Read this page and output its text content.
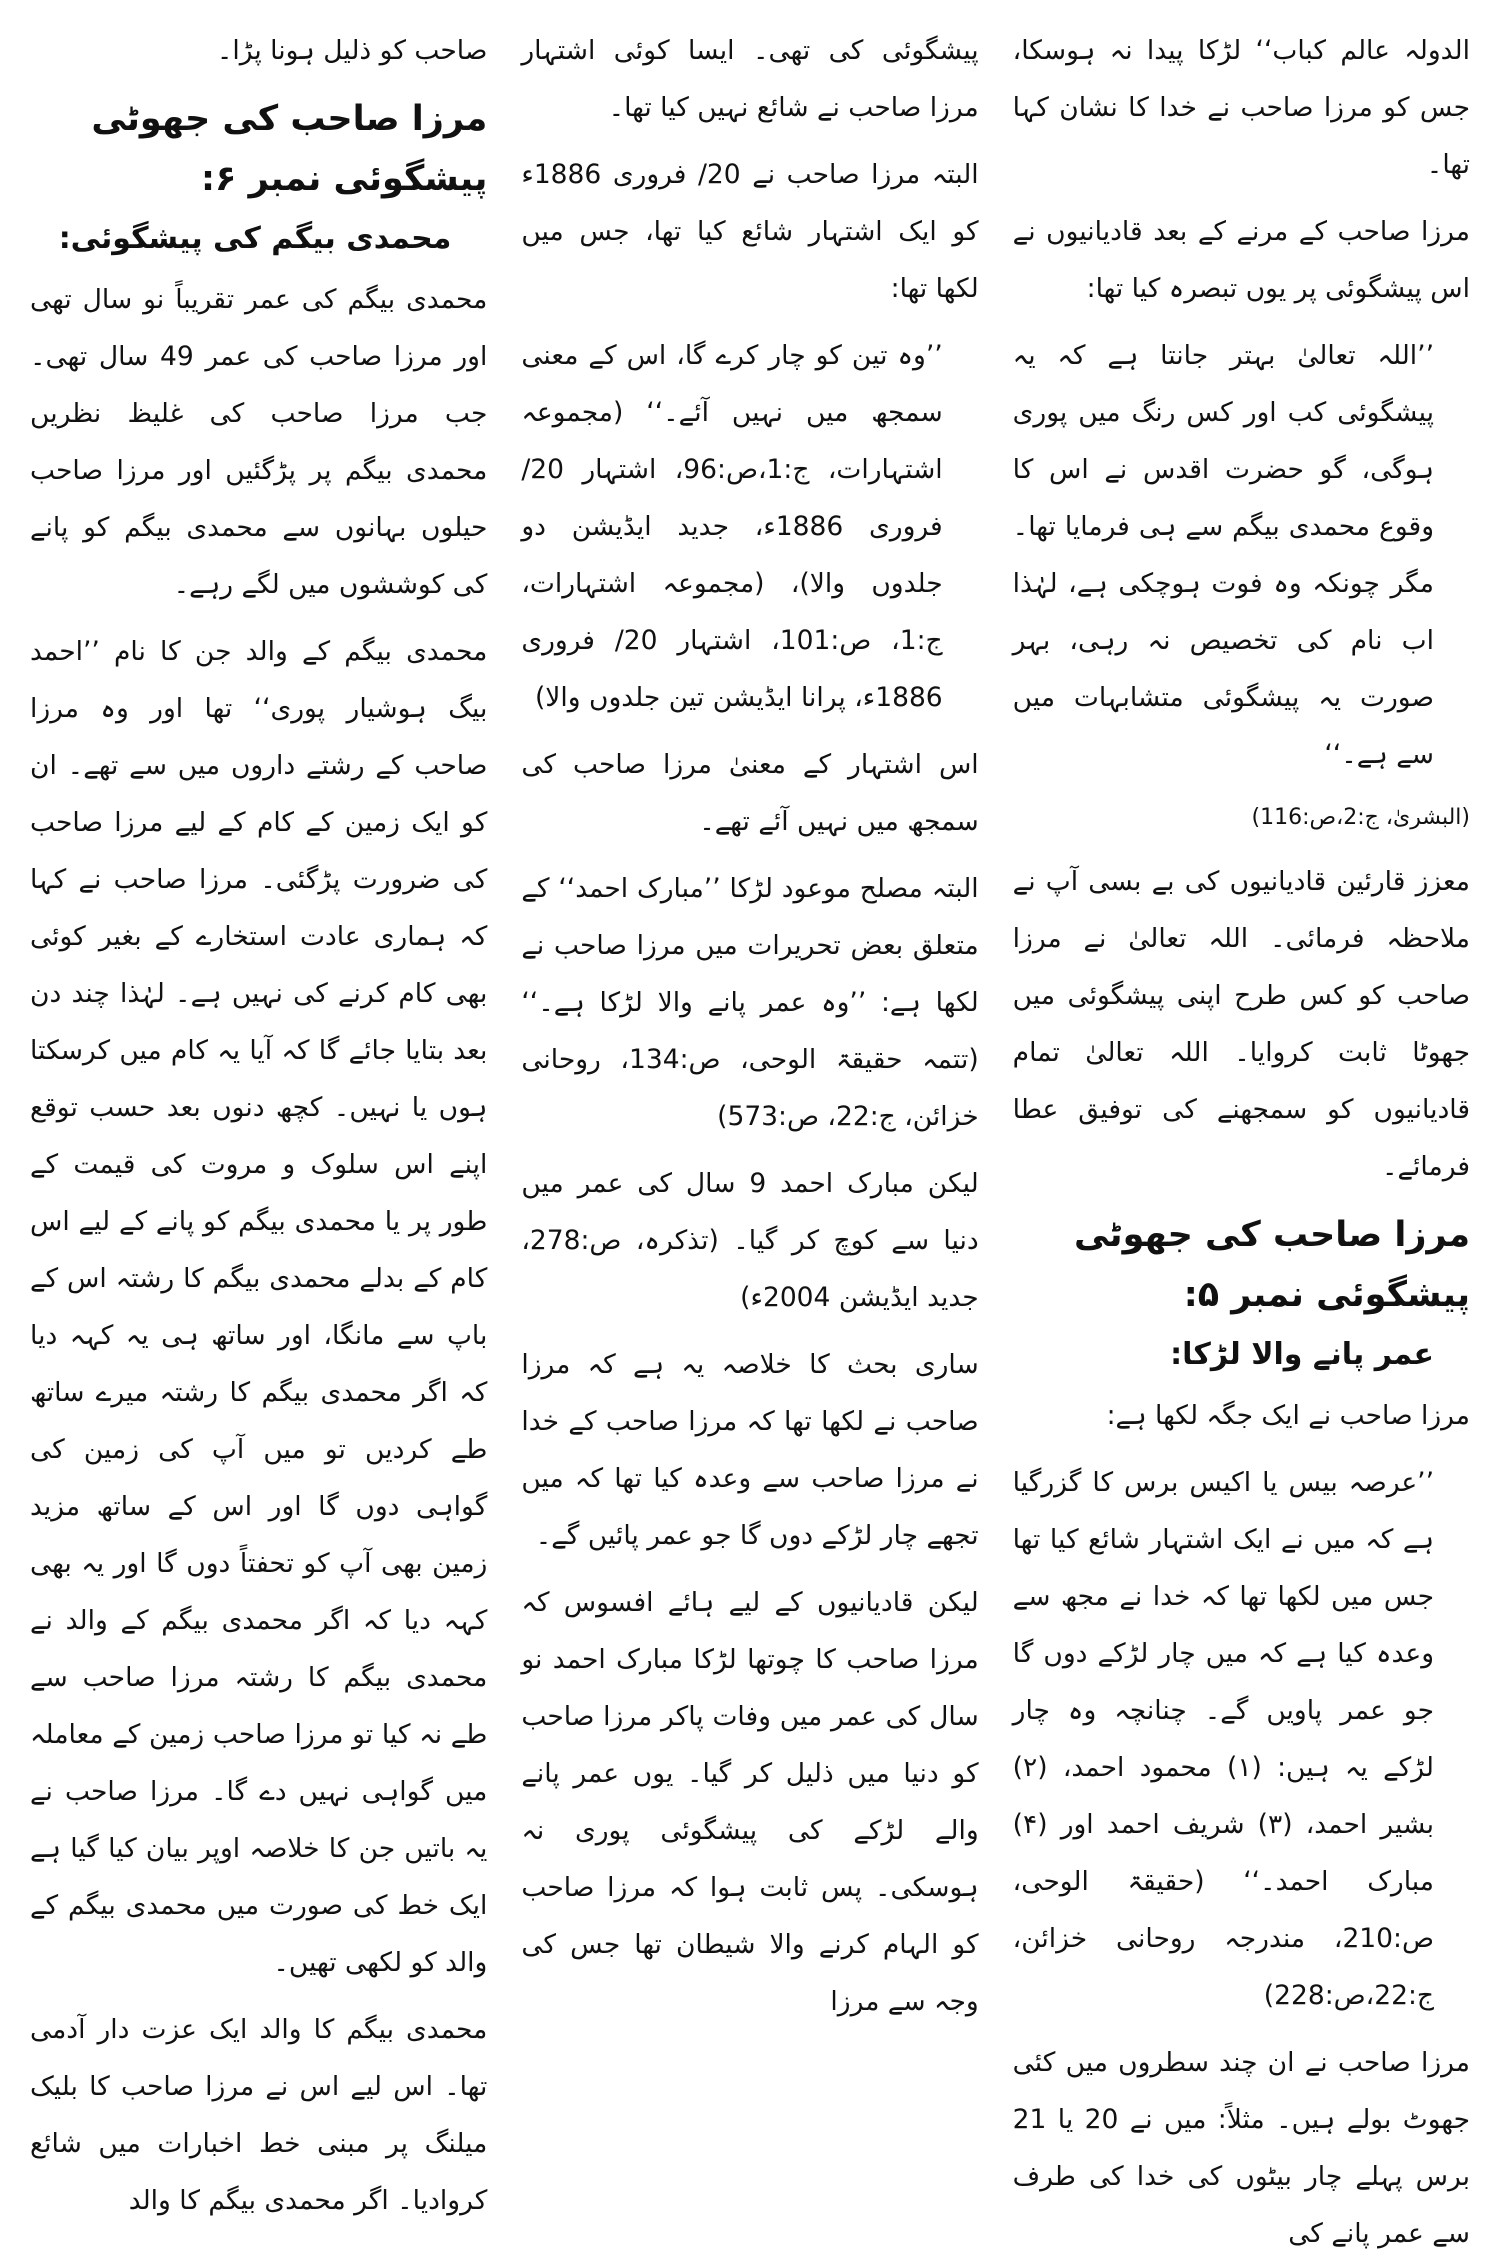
الدولہ عالم کباب‘‘ لڑکا پیدا نہ ہوسکا، جس کو مرزا صاحب نے خدا کا نشان کہا تھا۔

مرزا صاحب کے مرنے کے بعد قادیانیوں نے اس پیشگوئی پر یوں تبصرہ کیا تھا:

’’اللہ تعالیٰ بہتر جانتا ہے کہ یہ پیشگوئی کب اور کس رنگ میں پوری ہوگی، گو حضرت اقدس نے اس کا وقوع محمدی بیگم سے ہی فرمایا تھا۔ مگر چونکہ وہ فوت ہوچکی ہے، لہٰذا اب نام کی تخصیص نہ رہی، بہر صورت یہ پیشگوئی متشابہات میں سے ہے۔‘‘

(البشریٰ، ج:2،ص:116)

معزز قارئین قادیانیوں کی بے بسی آپ نے ملاحظہ فرمائی۔ اللہ تعالیٰ نے مرزا صاحب کو کس طرح اپنی پیشگوئی میں جھوٹا ثابت کروایا۔ اللہ تعالیٰ تمام قادیانیوں کو سمجھنے کی توفیق عطا فرمائے۔

مرزا صاحب کی جھوٹی پیشگوئی نمبر ۵:
عمر پانے والا لڑکا:

مرزا صاحب نے ایک جگہ لکھا ہے:

’’عرصہ بیس یا اکیس برس کا گزرگیا ہے کہ میں نے ایک اشتہار شائع کیا تھا جس میں لکھا تھا کہ خدا نے مجھ سے وعدہ کیا ہے کہ میں چار لڑکے دوں گا جو عمر پاویں گے۔ چنانچہ وہ چار لڑکے یہ ہیں: (۱) محمود احمد، (۲) بشیر احمد، (۳) شریف احمد اور (۴) مبارک احمد۔‘‘ (حقیقۃ الوحی، ص:210، مندرجہ روحانی خزائن، ج:22،ص:228)

مرزا صاحب نے ان چند سطروں میں کئی جھوٹ بولے ہیں۔ مثلاً: میں نے 20 یا 21 برس پہلے چار بیٹوں کی خدا کی طرف سے عمر پانے کی

پیشگوئی کی تھی۔ ایسا کوئی اشتہار مرزا صاحب نے شائع نہیں کیا تھا۔

البتہ مرزا صاحب نے 20/ فروری 1886ء کو ایک اشتہار شائع کیا تھا، جس میں لکھا تھا:

’’وہ تین کو چار کرے گا، اس کے معنی سمجھ میں نہیں آئے۔‘‘ (مجموعہ اشتہارات، ج:1،ص:96، اشتہار 20/ فروری 1886ء، جدید ایڈیشن دو جلدوں والا)، (مجموعہ اشتہارات، ج:1، ص:101، اشتہار 20/ فروری 1886ء، پرانا ایڈیشن تین جلدوں والا)

اس اشتہار کے معنیٰ مرزا صاحب کی سمجھ میں نہیں آئے تھے۔

البتہ مصلح موعود لڑکا ’’مبارک احمد‘‘ کے متعلق بعض تحریرات میں مرزا صاحب نے لکھا ہے: ’’وہ عمر پانے والا لڑکا ہے۔‘‘ (تتمہ حقیقۃ الوحی، ص:134، روحانی خزائن، ج:22، ص:573)

لیکن مبارک احمد 9 سال کی عمر میں دنیا سے کوچ کر گیا۔ (تذکرہ، ص:278، جدید ایڈیشن 2004ء)

ساری بحث کا خلاصہ یہ ہے کہ مرزا صاحب نے لکھا تھا کہ مرزا صاحب کے خدا نے مرزا صاحب سے وعدہ کیا تھا کہ میں تجھے چار لڑکے دوں گا جو عمر پائیں گے۔

لیکن قادیانیوں کے لیے ہائے افسوس کہ مرزا صاحب کا چوتھا لڑکا مبارک احمد نو سال کی عمر میں وفات پاکر مرزا صاحب کو دنیا میں ذلیل کر گیا۔ یوں عمر پانے والے لڑکے کی پیشگوئی پوری نہ ہوسکی۔ پس ثابت ہوا کہ مرزا صاحب کو الہام کرنے والا شیطان تھا جس کی وجہ سے مرزا

صاحب کو ذلیل ہونا پڑا۔

مرزا صاحب کی جھوٹی پیشگوئی نمبر ۶:
محمدی بیگم کی پیشگوئی:

محمدی بیگم کی عمر تقریباً نو سال تھی اور مرزا صاحب کی عمر 49 سال تھی۔ جب مرزا صاحب کی غلیظ نظریں محمدی بیگم پر پڑگئیں اور مرزا صاحب حیلوں بہانوں سے محمدی بیگم کو پانے کی کوششوں میں لگے رہے۔

محمدی بیگم کے والد جن کا نام ’’احمد بیگ ہوشیار پوری‘‘ تھا اور وہ مرزا صاحب کے رشتے داروں میں سے تھے۔ ان کو ایک زمین کے کام کے لیے مرزا صاحب کی ضرورت پڑگئی۔ مرزا صاحب نے کہا کہ ہماری عادت استخارے کے بغیر کوئی بھی کام کرنے کی نہیں ہے۔ لہٰذا چند دن بعد بتایا جائے گا کہ آیا یہ کام میں کرسکتا ہوں یا نہیں۔ کچھ دنوں بعد حسب توقع اپنے اس سلوک و مروت کی قیمت کے طور پر یا محمدی بیگم کو پانے کے لیے اس کام کے بدلے محمدی بیگم کا رشتہ اس کے باپ سے مانگا، اور ساتھ ہی یہ کہہ دیا کہ اگر محمدی بیگم کا رشتہ میرے ساتھ طے کردیں تو میں آپ کی زمین کی گواہی دوں گا اور اس کے ساتھ مزید زمین بھی آپ کو تحفتاً دوں گا اور یہ بھی کہہ دیا کہ اگر محمدی بیگم کے والد نے محمدی بیگم کا رشتہ مرزا صاحب سے طے نہ کیا تو مرزا صاحب زمین کے معاملہ میں گواہی نہیں دے گا۔ مرزا صاحب نے یہ باتیں جن کا خلاصہ اوپر بیان کیا گیا ہے ایک خط کی صورت میں محمدی بیگم کے والد کو لکھی تھیں۔

محمدی بیگم کا والد ایک عزت دار آدمی تھا۔ اس لیے اس نے مرزا صاحب کا بلیک میلنگ پر مبنی خط اخبارات میں شائع کروادیا۔ اگر محمدی بیگم کا والد
